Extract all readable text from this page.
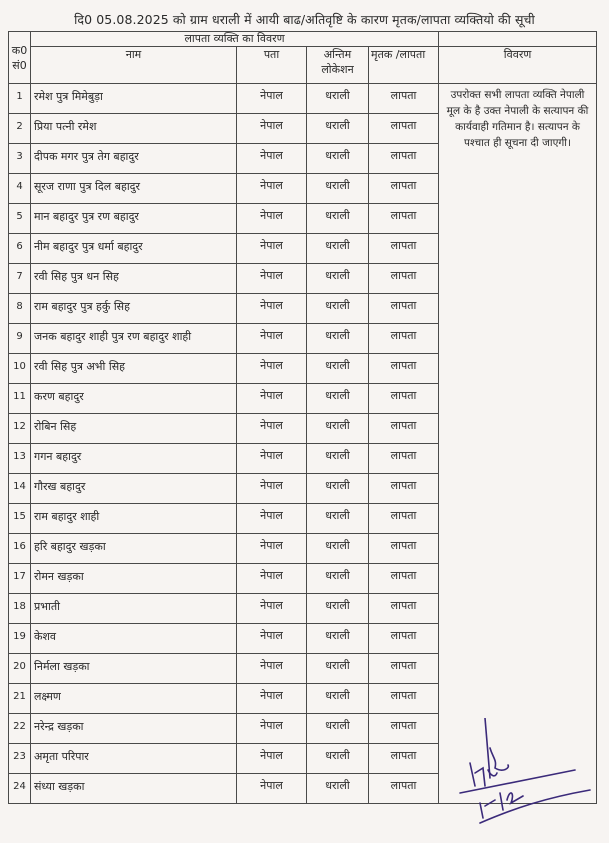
दि0 05.08.2025 को ग्राम धराली में आयी बाढ/अतिवृष्टि के कारण मृतक/लापता व्यक्तियो की सूची
क0 सं0	लापता व्यक्ति का विवरण				
	नाम	पता	अन्तिम लोकेशन	मृतक /लापता	विवरण
1	रमेश पुत्र मिमेबुड़ा	नेपाल	धराली	लापता	उपरोक्त सभी लापता व्यक्ति नेपाली मूल के है उक्त नेपाली के सत्यापन की कार्यवाही गतिमान है। सत्यापन के पश्चात ही सूचना दी जाएगी।
2	प्रिया पत्नी रमेश	नेपाल	धराली	लापता	
3	दीपक मगर पुत्र तेग बहादुर	नेपाल	धराली	लापता	
4	सूरज राणा पुत्र दिल बहादुर	नेपाल	धराली	लापता	
5	मान बहादुर पुत्र रण बहादुर	नेपाल	धराली	लापता	
6	नीम बहादुर पुत्र धर्मा बहादुर	नेपाल	धराली	लापता	
7	रवी सिह पुत्र धन सिह	नेपाल	धराली	लापता	
8	राम बहादुर पुत्र हर्कु सिह	नेपाल	धराली	लापता	
9	जनक बहादुर शाही पुत्र रण बहादुर शाही	नेपाल	धराली	लापता	
10	रवी सिह पुत्र अभी सिह	नेपाल	धराली	लापता	
11	करण बहादुर	नेपाल	धराली	लापता	
12	रोबिन सिह	नेपाल	धराली	लापता	
13	गगन बहादुर	नेपाल	धराली	लापता	
14	गौरख बहादुर	नेपाल	धराली	लापता	
15	राम बहादुर शाही	नेपाल	धराली	लापता	
16	हरि बहादुर खड़का	नेपाल	धराली	लापता	
17	रोमन खड़का	नेपाल	धराली	लापता	
18	प्रभाती	नेपाल	धराली	लापता	
19	केशव	नेपाल	धराली	लापता	
20	निर्मला खड़का	नेपाल	धराली	लापता	
21	लक्ष्मण	नेपाल	धराली	लापता	
22	नरेन्द्र खड़का	नेपाल	धराली	लापता	
23	अमृता परिपार	नेपाल	धराली	लापता	
24	संध्या खड़का	नेपाल	धराली	लापता	
